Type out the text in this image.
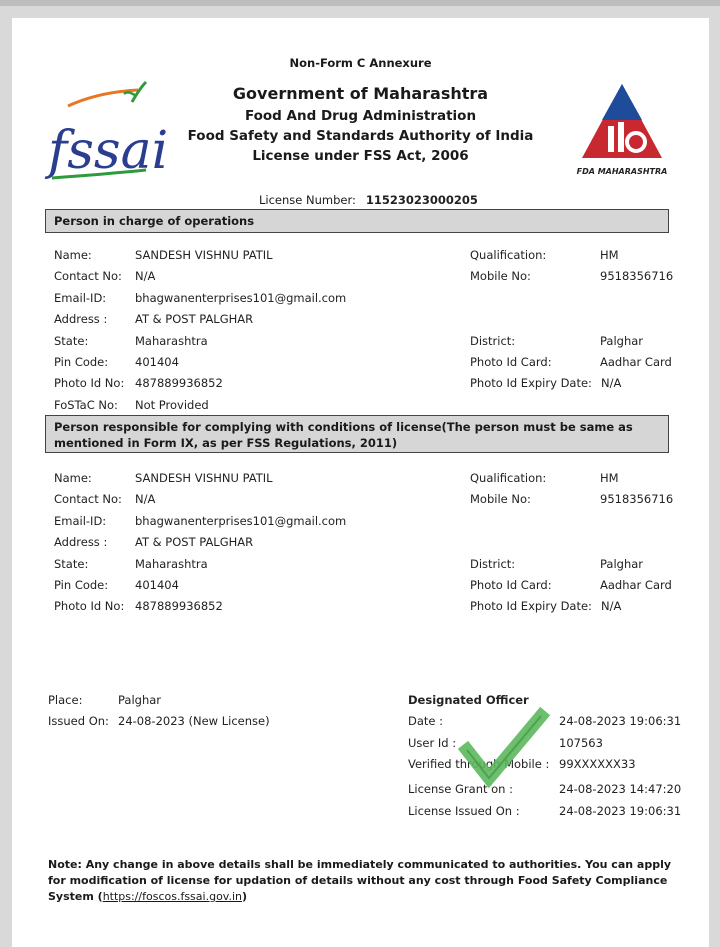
Non-Form C Annexure
Government of Maharashtra
Food And Drug Administration
Food Safety and Standards Authority of India
License under FSS Act, 2006
fssai	FDA MAHARASHTRA
License Number: 11523023000205
Person in charge of operations
Name:	SANDESH VISHNU PATIL	Qualification:	HM
Contact No: N/A	Mobile No:	9518356716
Email-ID:	bhagwanenterprises101@gmail.com
Address : AT & POST PALGHAR
State:	Maharashtra	District:	Palghar
Pin Code: 401404	Photo Id Card:	Aadhar Card
Photo Id No: 487889936852	Photo Id Expiry Date: N/A
FoSTaC No: Not Provided
Person responsible for complying with conditions of license(The person must be same as mentioned in Form IX, as per FSS Regulations, 2011)
Name:	SANDESH VISHNU PATIL	Qualification:	HM
Contact No: N/A	Mobile No:	9518356716
Email-ID:	bhagwanenterprises101@gmail.com
Address : AT & POST PALGHAR
State:	Maharashtra	District:	Palghar
Pin Code: 401404	Photo Id Card:	Aadhar Card
Photo Id No: 487889936852	Photo Id Expiry Date: N/A
Place:	Palghar
Issued On: 24-08-2023 (New License)
Designated Officer
Date :	24-08-2023 19:06:31
User Id :	107563
Verified through Mobile : 99XXXXXX33
License Grant on :	24-08-2023 14:47:20
License Issued On :	24-08-2023 19:06:31
Note: Any change in above details shall be immediately communicated to authorities. You can apply for modification of license for updation of details without any cost through Food Safety Compliance System (https://foscos.fssai.gov.in)
